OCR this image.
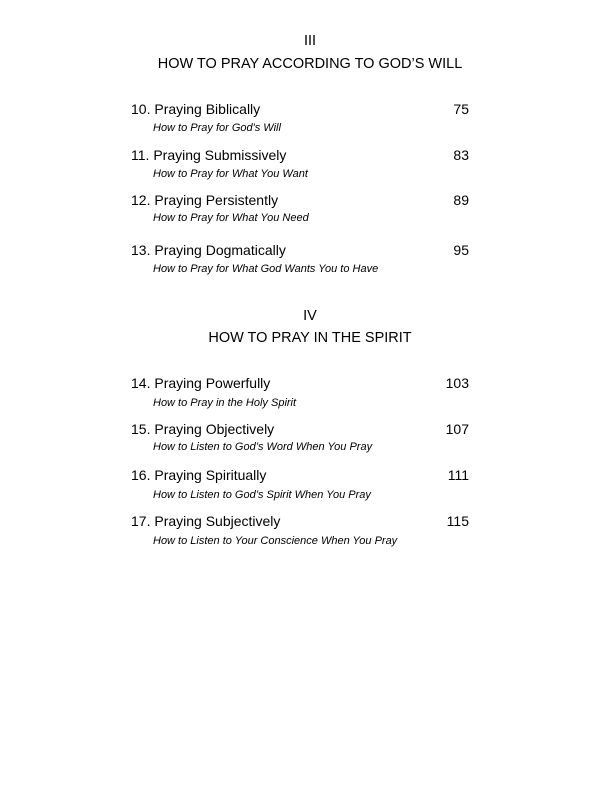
III
HOW TO PRAY ACCORDING TO GOD’S WILL
10. Praying Biblically	75
How to Pray for God's Will
11. Praying Submissively	83
How to Pray for What You Want
12. Praying Persistently	89
How to Pray for What You Need
13. Praying Dogmatically	95
How to Pray for What God Wants You to Have
IV
HOW TO PRAY IN THE SPIRIT
14. Praying Powerfully	103
How to Pray in the Holy Spirit
15. Praying Objectively	107
How to Listen to God’s Word When You Pray
16. Praying Spiritually	111
How to Listen to God’s Spirit When You Pray
17. Praying Subjectively	115
How to Listen to Your Conscience When You Pray
